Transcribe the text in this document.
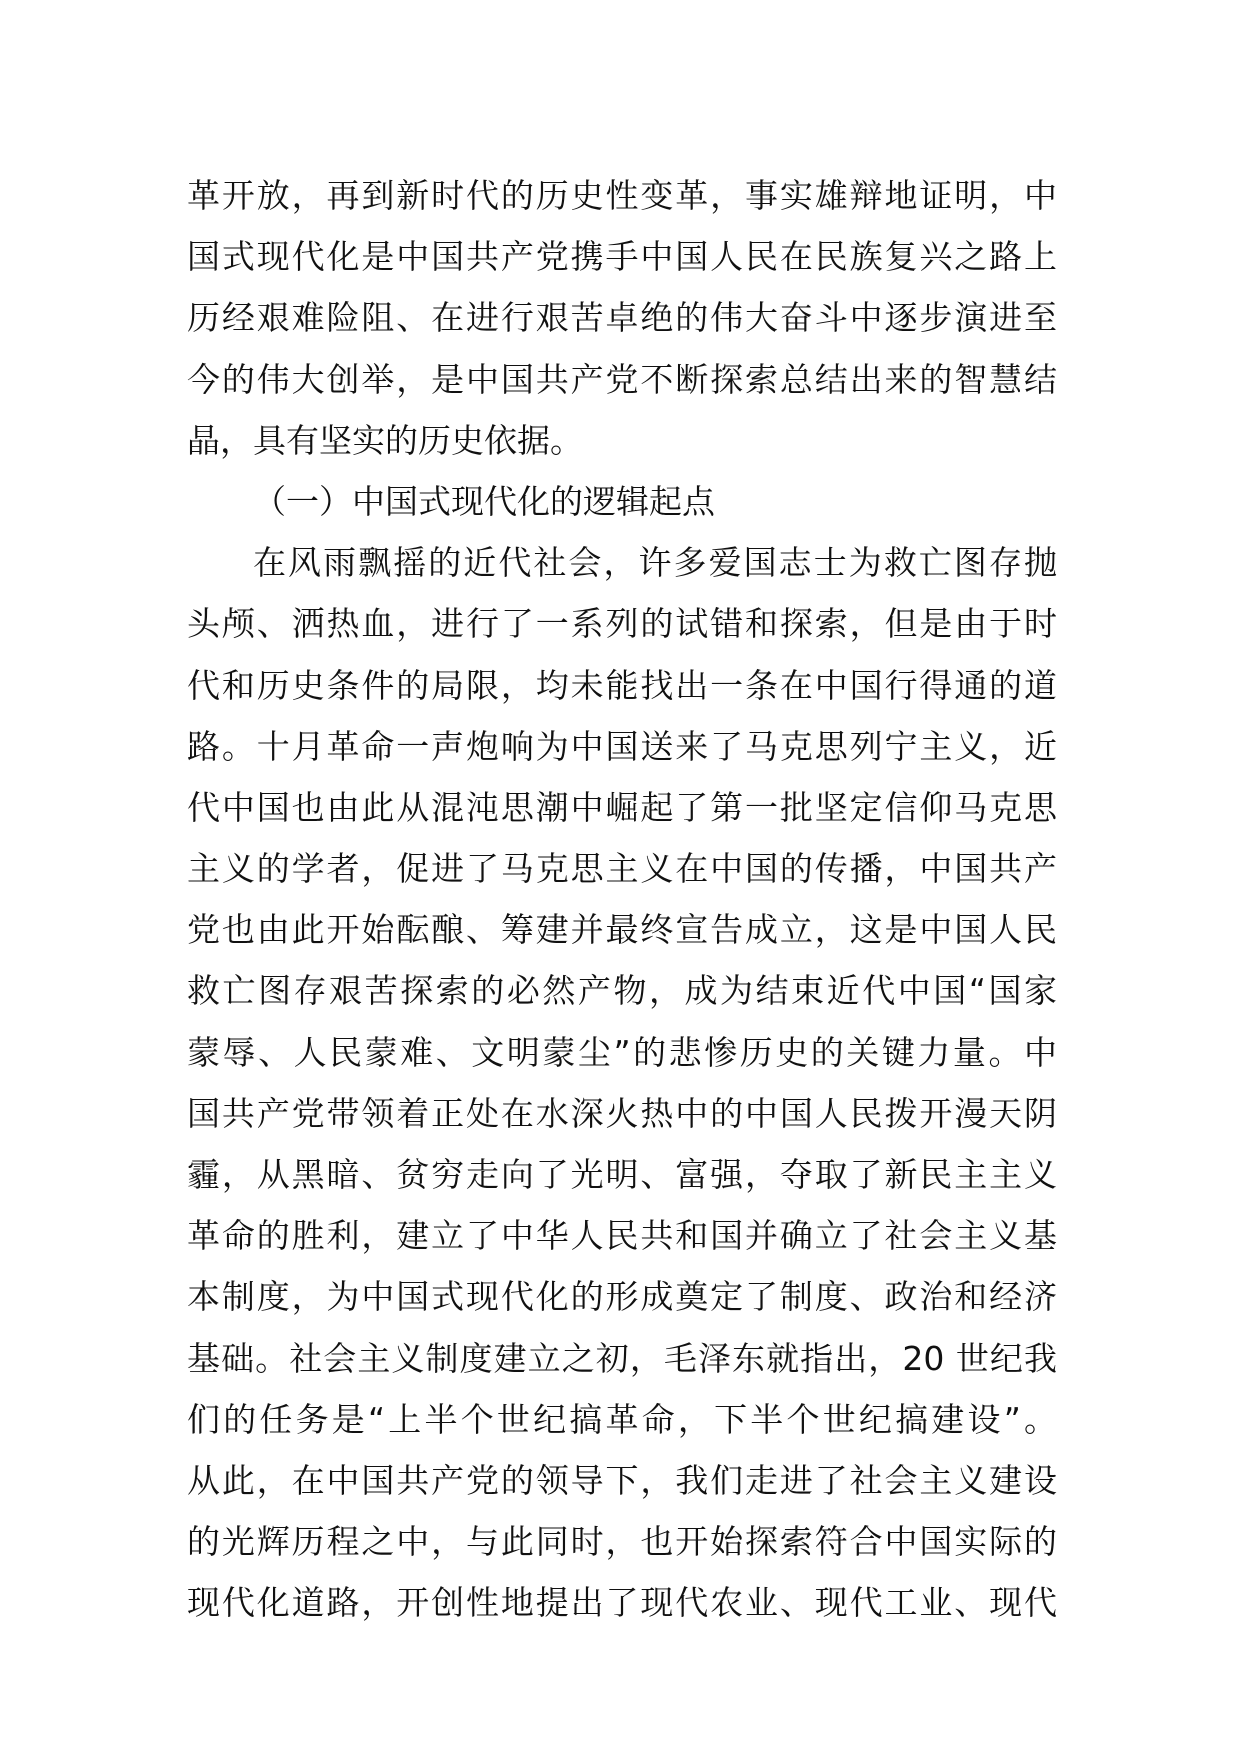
革开放，再到新时代的历史性变革，事实雄辩地证明，中
国式现代化是中国共产党携手中国人民在民族复兴之路上
历经艰难险阻、在进行艰苦卓绝的伟大奋斗中逐步演进至
今的伟大创举，是中国共产党不断探索总结出来的智慧结
晶，具有坚实的历史依据。
（一）中国式现代化的逻辑起点
在风雨飘摇的近代社会，许多爱国志士为救亡图存抛
头颅、洒热血，进行了一系列的试错和探索，但是由于时
代和历史条件的局限，均未能找出一条在中国行得通的道
路。十月革命一声炮响为中国送来了马克思列宁主义，近
代中国也由此从混沌思潮中崛起了第一批坚定信仰马克思
主义的学者，促进了马克思主义在中国的传播，中国共产
党也由此开始酝酿、筹建并最终宣告成立，这是中国人民
救亡图存艰苦探索的必然产物，成为结束近代中国“国家
蒙辱、人民蒙难、文明蒙尘”的悲惨历史的关键力量。中
国共产党带领着正处在水深火热中的中国人民拨开漫天阴
霾，从黑暗、贫穷走向了光明、富强，夺取了新民主主义
革命的胜利，建立了中华人民共和国并确立了社会主义基
本制度，为中国式现代化的形成奠定了制度、政治和经济
基础。社会主义制度建立之初，毛泽东就指出，20 世纪我
们的任务是“上半个世纪搞革命，下半个世纪搞建设”。
从此，在中国共产党的领导下，我们走进了社会主义建设
的光辉历程之中，与此同时，也开始探索符合中国实际的
现代化道路，开创性地提出了现代农业、现代工业、现代
